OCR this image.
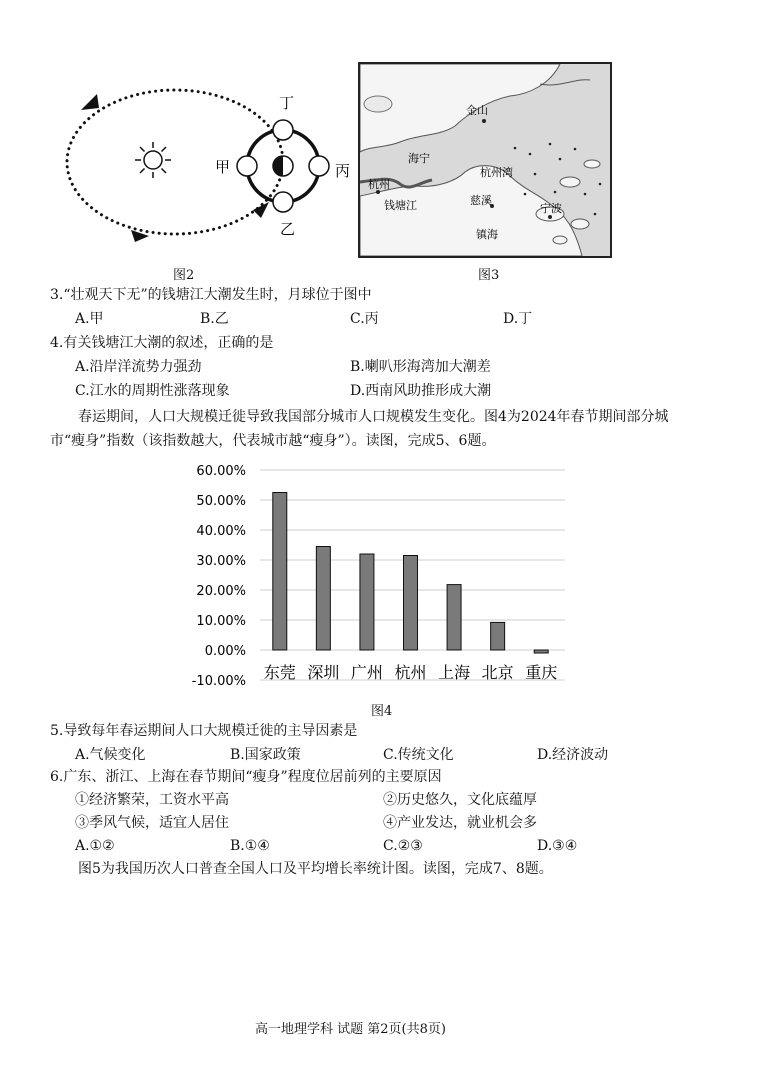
丁
甲	丙
乙
图2
金山
海宁
杭州湾
杭州
钱塘江	慈溪
宁波
镇海
图3
3.“壮观天下无”的钱塘江大潮发生时，月球位于图中
A.甲	B.乙	C.丙	D.丁
4.有关钱塘江大潮的叙述，正确的是
A.沿岸洋流势力强劲	B.喇叭形海湾加大潮差
C.江水的周期性涨落现象	D.西南风助推形成大潮
春运期间，人口大规模迁徙导致我国部分城市人口规模发生变化。图4为2024年春节期间部分城市“瘦身”指数（该指数越大，代表城市越“瘦身”）。读图，完成5、6题。
60.00%
50.00%
40.00%
30.00%
20.00%
10.00%
0.00%
-10.00% 东莞 深圳 广州 杭州 上海 北京 重庆
图4
5.导致每年春运期间人口大规模迁徙的主导因素是
A.气候变化	B.国家政策	C.传统文化	D.经济波动
6.广东、浙江、上海在春节期间“瘦身”程度位居前列的主要原因
①经济繁荣，工资水平高	②历史悠久，文化底蕴厚
③季风气候，适宜人居住	④产业发达，就业机会多
A.①②	B.①④	C.②③	D.③④
图5为我国历次人口普查全国人口及平均增长率统计图。读图，完成7、8题。
高一地理学科 试题 第2页(共8页)
